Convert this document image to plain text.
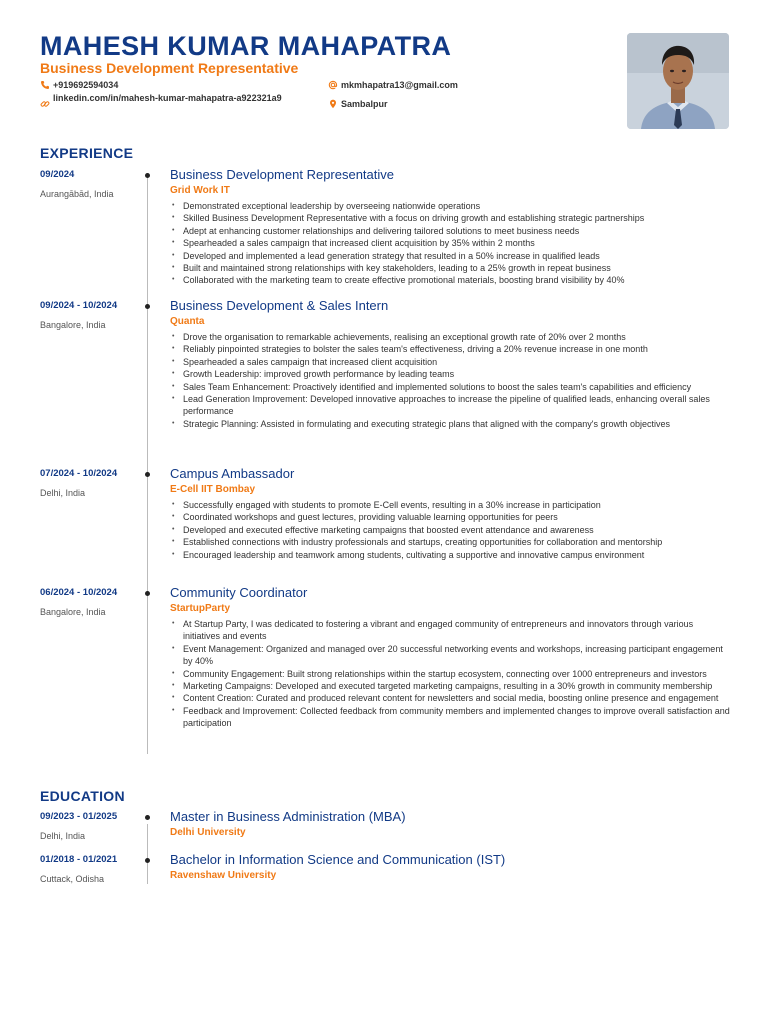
MAHESH KUMAR MAHAPATRA
Business Development Representative
+919692594034	mkmhapatra13@gmail.com
linkedin.com/in/mahesh-kumar-mahapatra-a922321a9
Sambalpur
EXPERIENCE
09/2024
Aurangābād, India
Business Development Representative
Grid Work IT
• Demonstrated exceptional leadership by overseeing nationwide operations
• Skilled Business Development Representative with a focus on driving growth and establishing strategic partnerships
• Adept at enhancing customer relationships and delivering tailored solutions to meet business needs
• Spearheaded a sales campaign that increased client acquisition by 35% within 2 months
• Developed and implemented a lead generation strategy that resulted in a 50% increase in qualified leads
• Built and maintained strong relationships with key stakeholders, leading to a 25% growth in repeat business
• Collaborated with the marketing team to create effective promotional materials, boosting brand visibility by 40%
09/2024 - 10/2024
Bangalore, India
Business Development & Sales Intern
Quanta
• Drove the organisation to remarkable achievements, realising an exceptional growth rate of 20% over 2 months
• Reliably pinpointed strategies to bolster the sales team's effectiveness, driving a 20% revenue increase in one month
• Spearheaded a sales campaign that increased client acquisition
• Growth Leadership: improved growth performance by leading teams
• Sales Team Enhancement: Proactively identified and implemented solutions to boost the sales team's capabilities and efficiency
• Lead Generation Improvement: Developed innovative approaches to increase the pipeline of qualified leads, enhancing overall sales performance
• Strategic Planning: Assisted in formulating and executing strategic plans that aligned with the company's growth objectives
07/2024 - 10/2024
Delhi, India
Campus Ambassador
E-Cell IIT Bombay
• Successfully engaged with students to promote E-Cell events, resulting in a 30% increase in participation
• Coordinated workshops and guest lectures, providing valuable learning opportunities for peers
• Developed and executed effective marketing campaigns that boosted event attendance and awareness
• Established connections with industry professionals and startups, creating opportunities for collaboration and mentorship
• Encouraged leadership and teamwork among students, cultivating a supportive and innovative campus environment
06/2024 - 10/2024
Bangalore, India
Community Coordinator
StartupParty
• At Startup Party, I was dedicated to fostering a vibrant and engaged community of entrepreneurs and innovators through various initiatives and events
• Event Management: Organized and managed over 20 successful networking events and workshops, increasing participant engagement by 40%
• Community Engagement: Built strong relationships within the startup ecosystem, connecting over 1000 entrepreneurs and investors
• Marketing Campaigns: Developed and executed targeted marketing campaigns, resulting in a 30% growth in community membership
• Content Creation: Curated and produced relevant content for newsletters and social media, boosting online presence and engagement
• Feedback and Improvement: Collected feedback from community members and implemented changes to improve overall satisfaction and participation
EDUCATION
09/2023 - 01/2025
Delhi, India
Master in Business Administration (MBA)
Delhi University
01/2018 - 01/2021
Cuttack, Odisha
Bachelor in Information Science and Communication (IST)
Ravenshaw University
